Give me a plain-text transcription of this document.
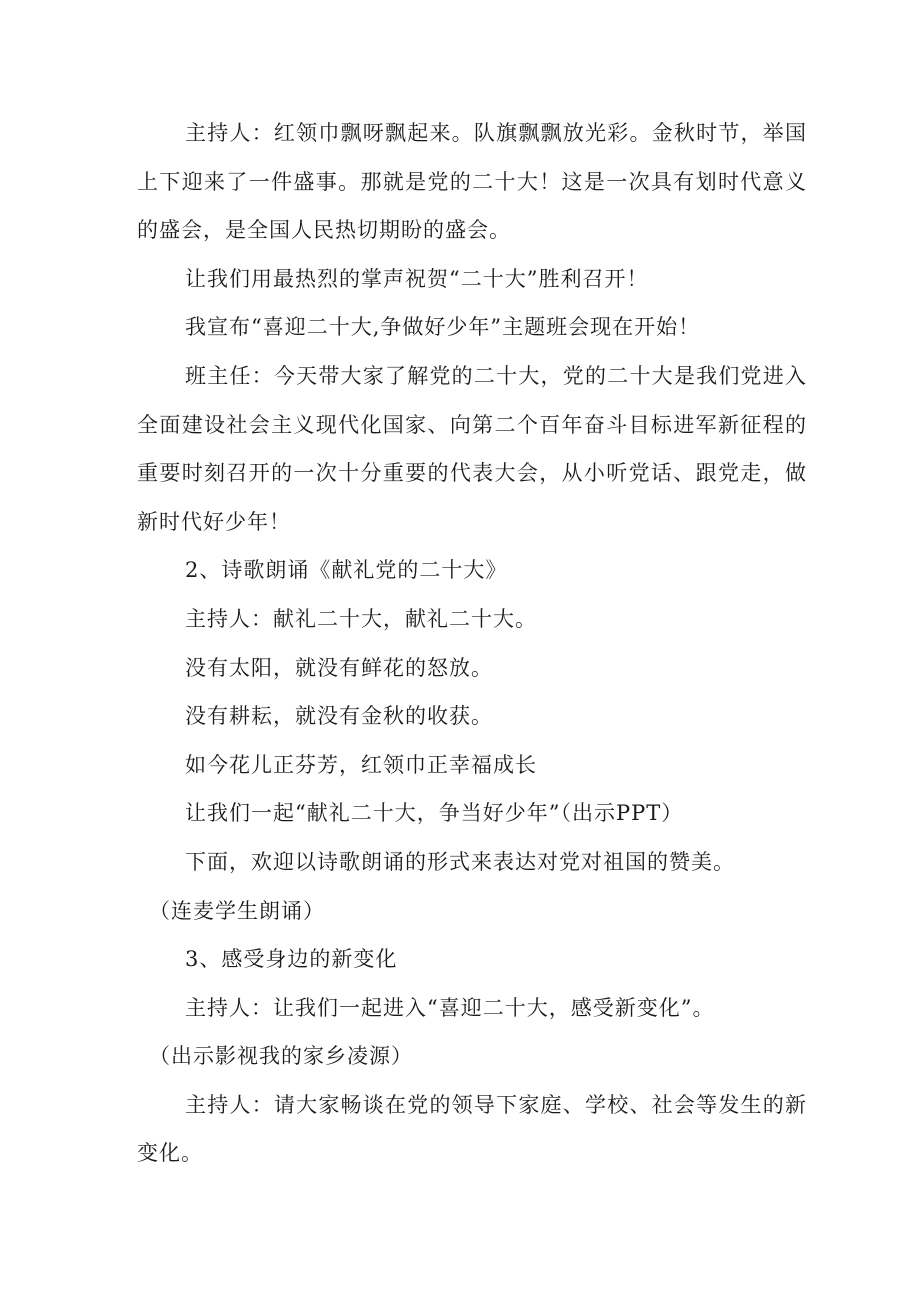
主持人：红领巾飘呀飘起来。队旗飘飘放光彩。金秋时节，举国上下迎来了一件盛事。那就是党的二十大！这是一次具有划时代意义的盛会，是全国人民热切期盼的盛会。

让我们用最热烈的掌声祝贺“二十大”胜利召开！

我宣布“喜迎二十大,争做好少年”主题班会现在开始！

班主任：今天带大家了解党的二十大，党的二十大是我们党进入全面建设社会主义现代化国家、向第二个百年奋斗目标进军新征程的重要时刻召开的一次十分重要的代表大会，从小听党话、跟党走，做新时代好少年！

2、诗歌朗诵《献礼党的二十大》

主持人：献礼二十大，献礼二十大。

没有太阳，就没有鲜花的怒放。

没有耕耘，就没有金秋的收获。

如今花儿正芬芳，红领巾正幸福成长

让我们一起“献礼二十大，争当好少年”（出示PPT）

下面，欢迎以诗歌朗诵的形式来表达对党对祖国的赞美。

（连麦学生朗诵）

3、感受身边的新变化

主持人：让我们一起进入“喜迎二十大，感受新变化”。

（出示影视我的家乡凌源）

主持人：请大家畅谈在党的领导下家庭、学校、社会等发生的新变化。
